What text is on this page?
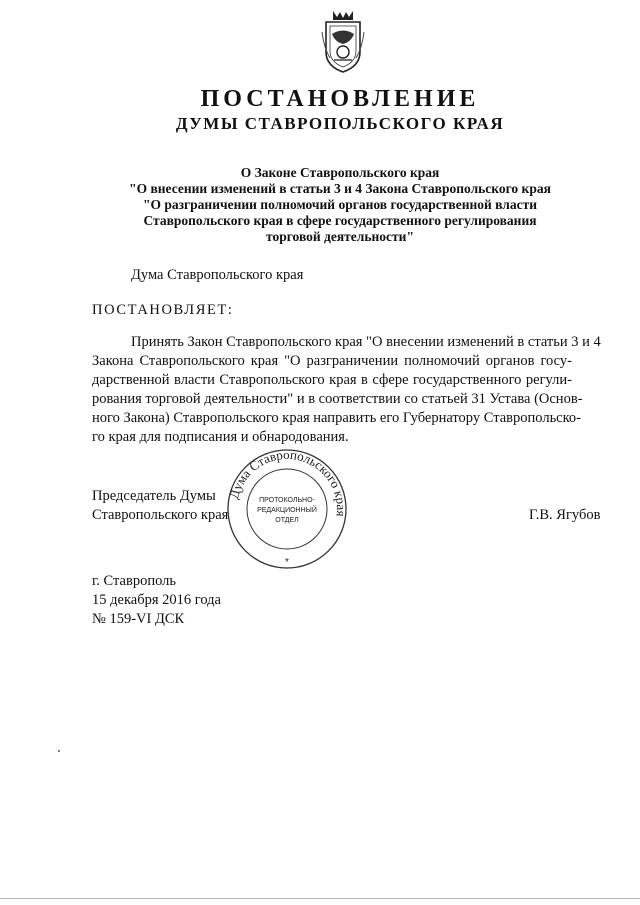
ПОСТАНОВЛЕНИЕ
ДУМЫ СТАВРОПОЛЬСКОГО КРАЯ
О Законе Ставропольского края
"О внесении изменений в статьи 3 и 4 Закона Ставропольского края
"О разграничении полномочий органов государственной власти
Ставропольского края в сфере государственного регулирования
торговой деятельности"
Дума Ставропольского края
ПОСТАНОВЛЯЕТ:
Принять Закон Ставропольского края "О внесении изменений в статьи 3 и 4
Закона Ставропольского края "О разграничении полномочий органов госу-
дарственной власти Ставропольского края в сфере государственного регули-
рования торговой деятельности" и в соответствии со статьей 31 Устава (Основ-
ного Закона) Ставропольского края направить его Губернатору Ставропольско-
го края для подписания и обнародования.
Председатель Думы
Ставропольского края	Г.В. Ягубов
Дума Ставропольского края
ПРОТОКОЛЬНО-
РЕДАКЦИОННЫЙ
ОТДЕЛ
*
г. Ставрополь
15 декабря 2016 года
№ 159-VI ДСК
